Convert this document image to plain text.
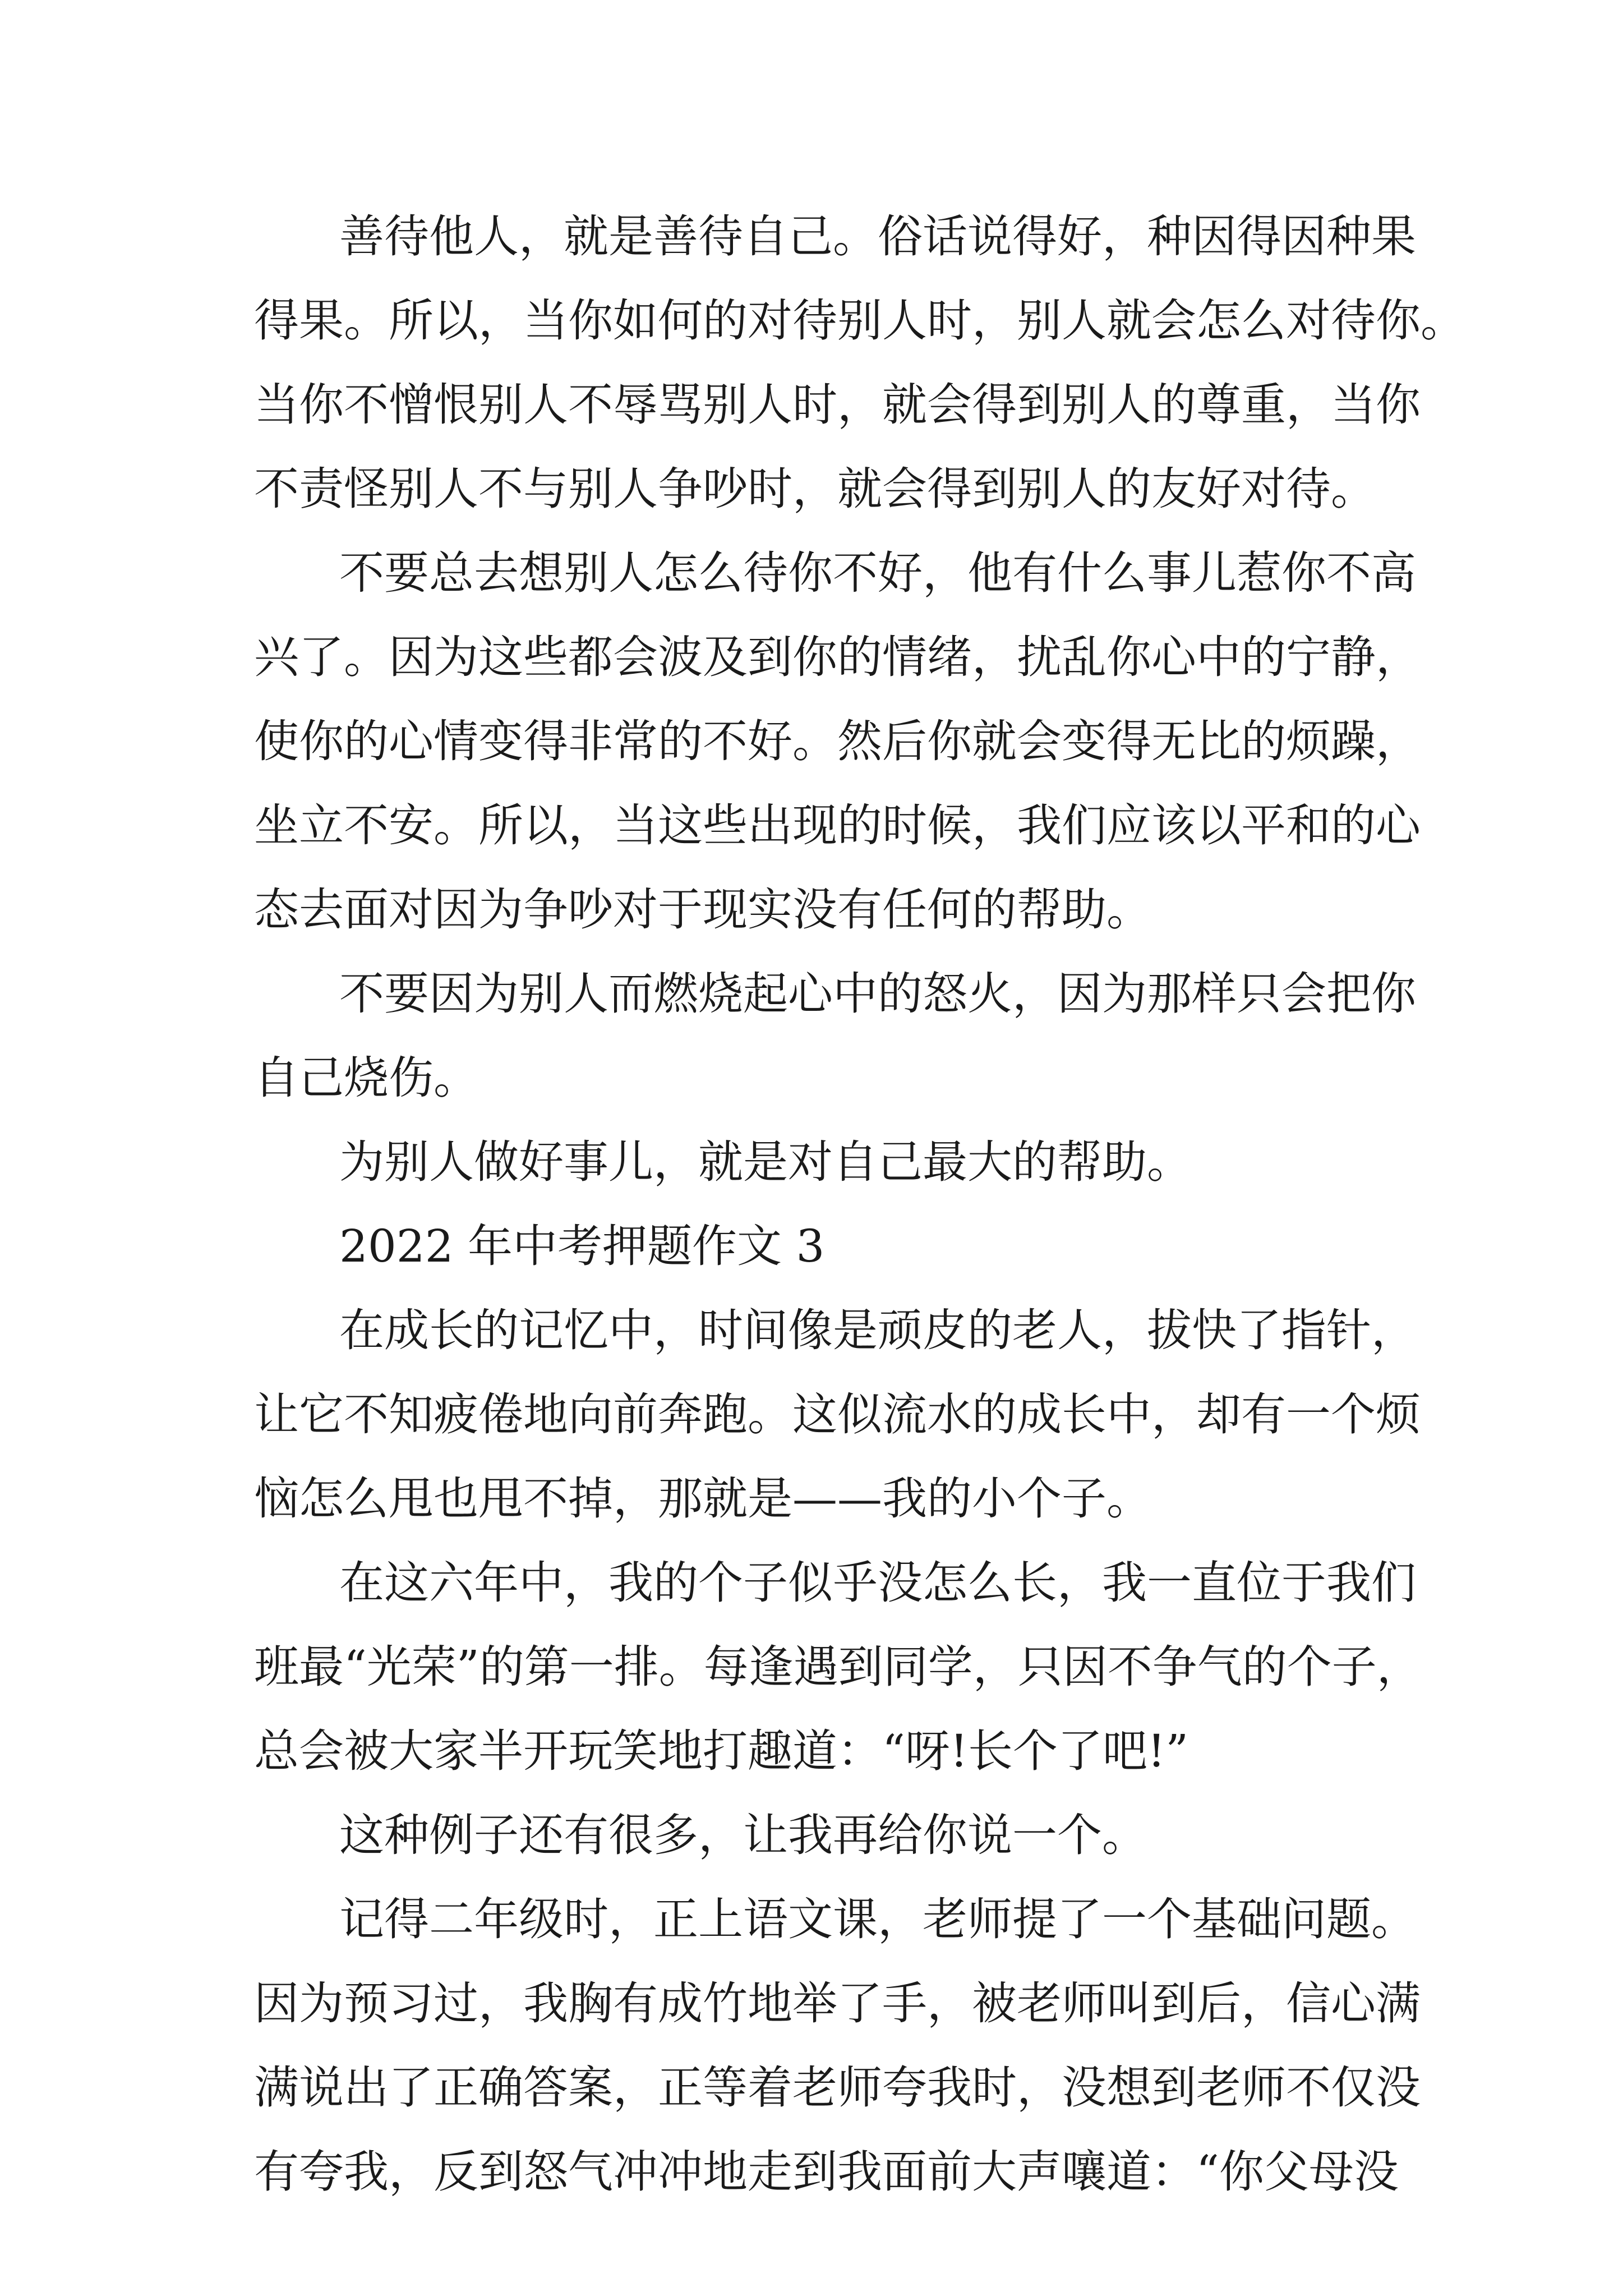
善待他人，就是善待自己。俗话说得好，种因得因种果

得果。所以，当你如何的对待别人时，别人就会怎么对待你。

当你不憎恨别人不辱骂别人时，就会得到别人的尊重，当你

不责怪别人不与别人争吵时，就会得到别人的友好对待。

不要总去想别人怎么待你不好，他有什么事儿惹你不高

兴了。因为这些都会波及到你的情绪，扰乱你心中的宁静，

使你的心情变得非常的不好。然后你就会变得无比的烦躁，

坐立不安。所以，当这些出现的时候，我们应该以平和的心

态去面对因为争吵对于现实没有任何的帮助。

不要因为别人而燃烧起心中的怒火，因为那样只会把你

自己烧伤。

为别人做好事儿，就是对自己最大的帮助。

2022 年中考押题作文 3

在成长的记忆中，时间像是顽皮的老人，拔快了指针，

让它不知疲倦地向前奔跑。这似流水的成长中，却有一个烦

恼怎么甩也甩不掉，那就是——我的小个子。

在这六年中，我的个子似乎没怎么长，我一直位于我们

班最“光荣”的第一排。每逢遇到同学，只因不争气的个子，

总会被大家半开玩笑地打趣道：“呀!长个了吧!”

这种例子还有很多，让我再给你说一个。

记得二年级时，正上语文课，老师提了一个基础问题。

因为预习过，我胸有成竹地举了手，被老师叫到后，信心满

满说出了正确答案，正等着老师夸我时，没想到老师不仅没

有夸我，反到怒气冲冲地走到我面前大声嚷道：“你父母没
